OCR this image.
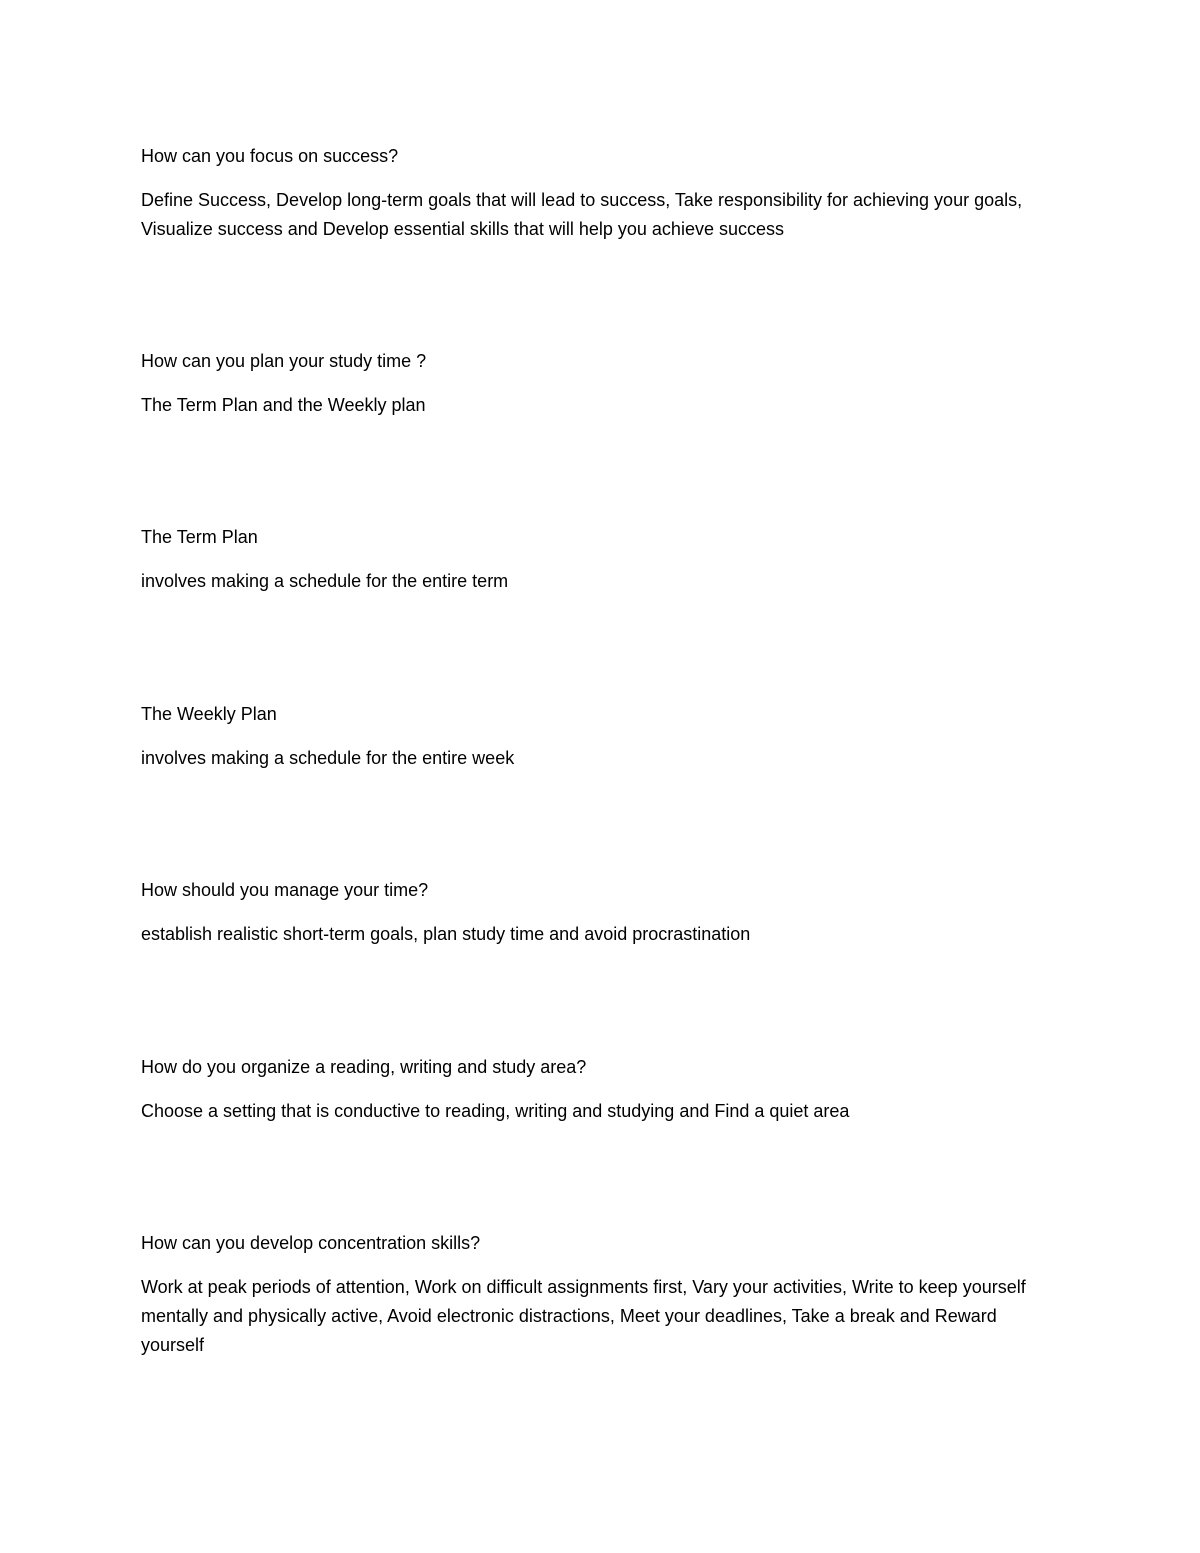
How can you focus on success?

Define Success, Develop long-term goals that will lead to success, Take responsibility for achieving your goals, Visualize success and Develop essential skills that will help you achieve success

How can you plan your study time ?

The Term Plan and the Weekly plan

The Term Plan

involves making a schedule for the entire term

The Weekly Plan

involves making a schedule for the entire week

How should you manage your time?

establish realistic short-term goals, plan study time and avoid procrastination

How do you organize a reading, writing and study area?

Choose a setting that is conductive to reading, writing and studying and Find a quiet area

How can you develop concentration skills?

Work at peak periods of attention, Work on difficult assignments first, Vary your activities, Write to keep yourself mentally and physically active, Avoid electronic distractions, Meet your deadlines, Take a break and Reward yourself
